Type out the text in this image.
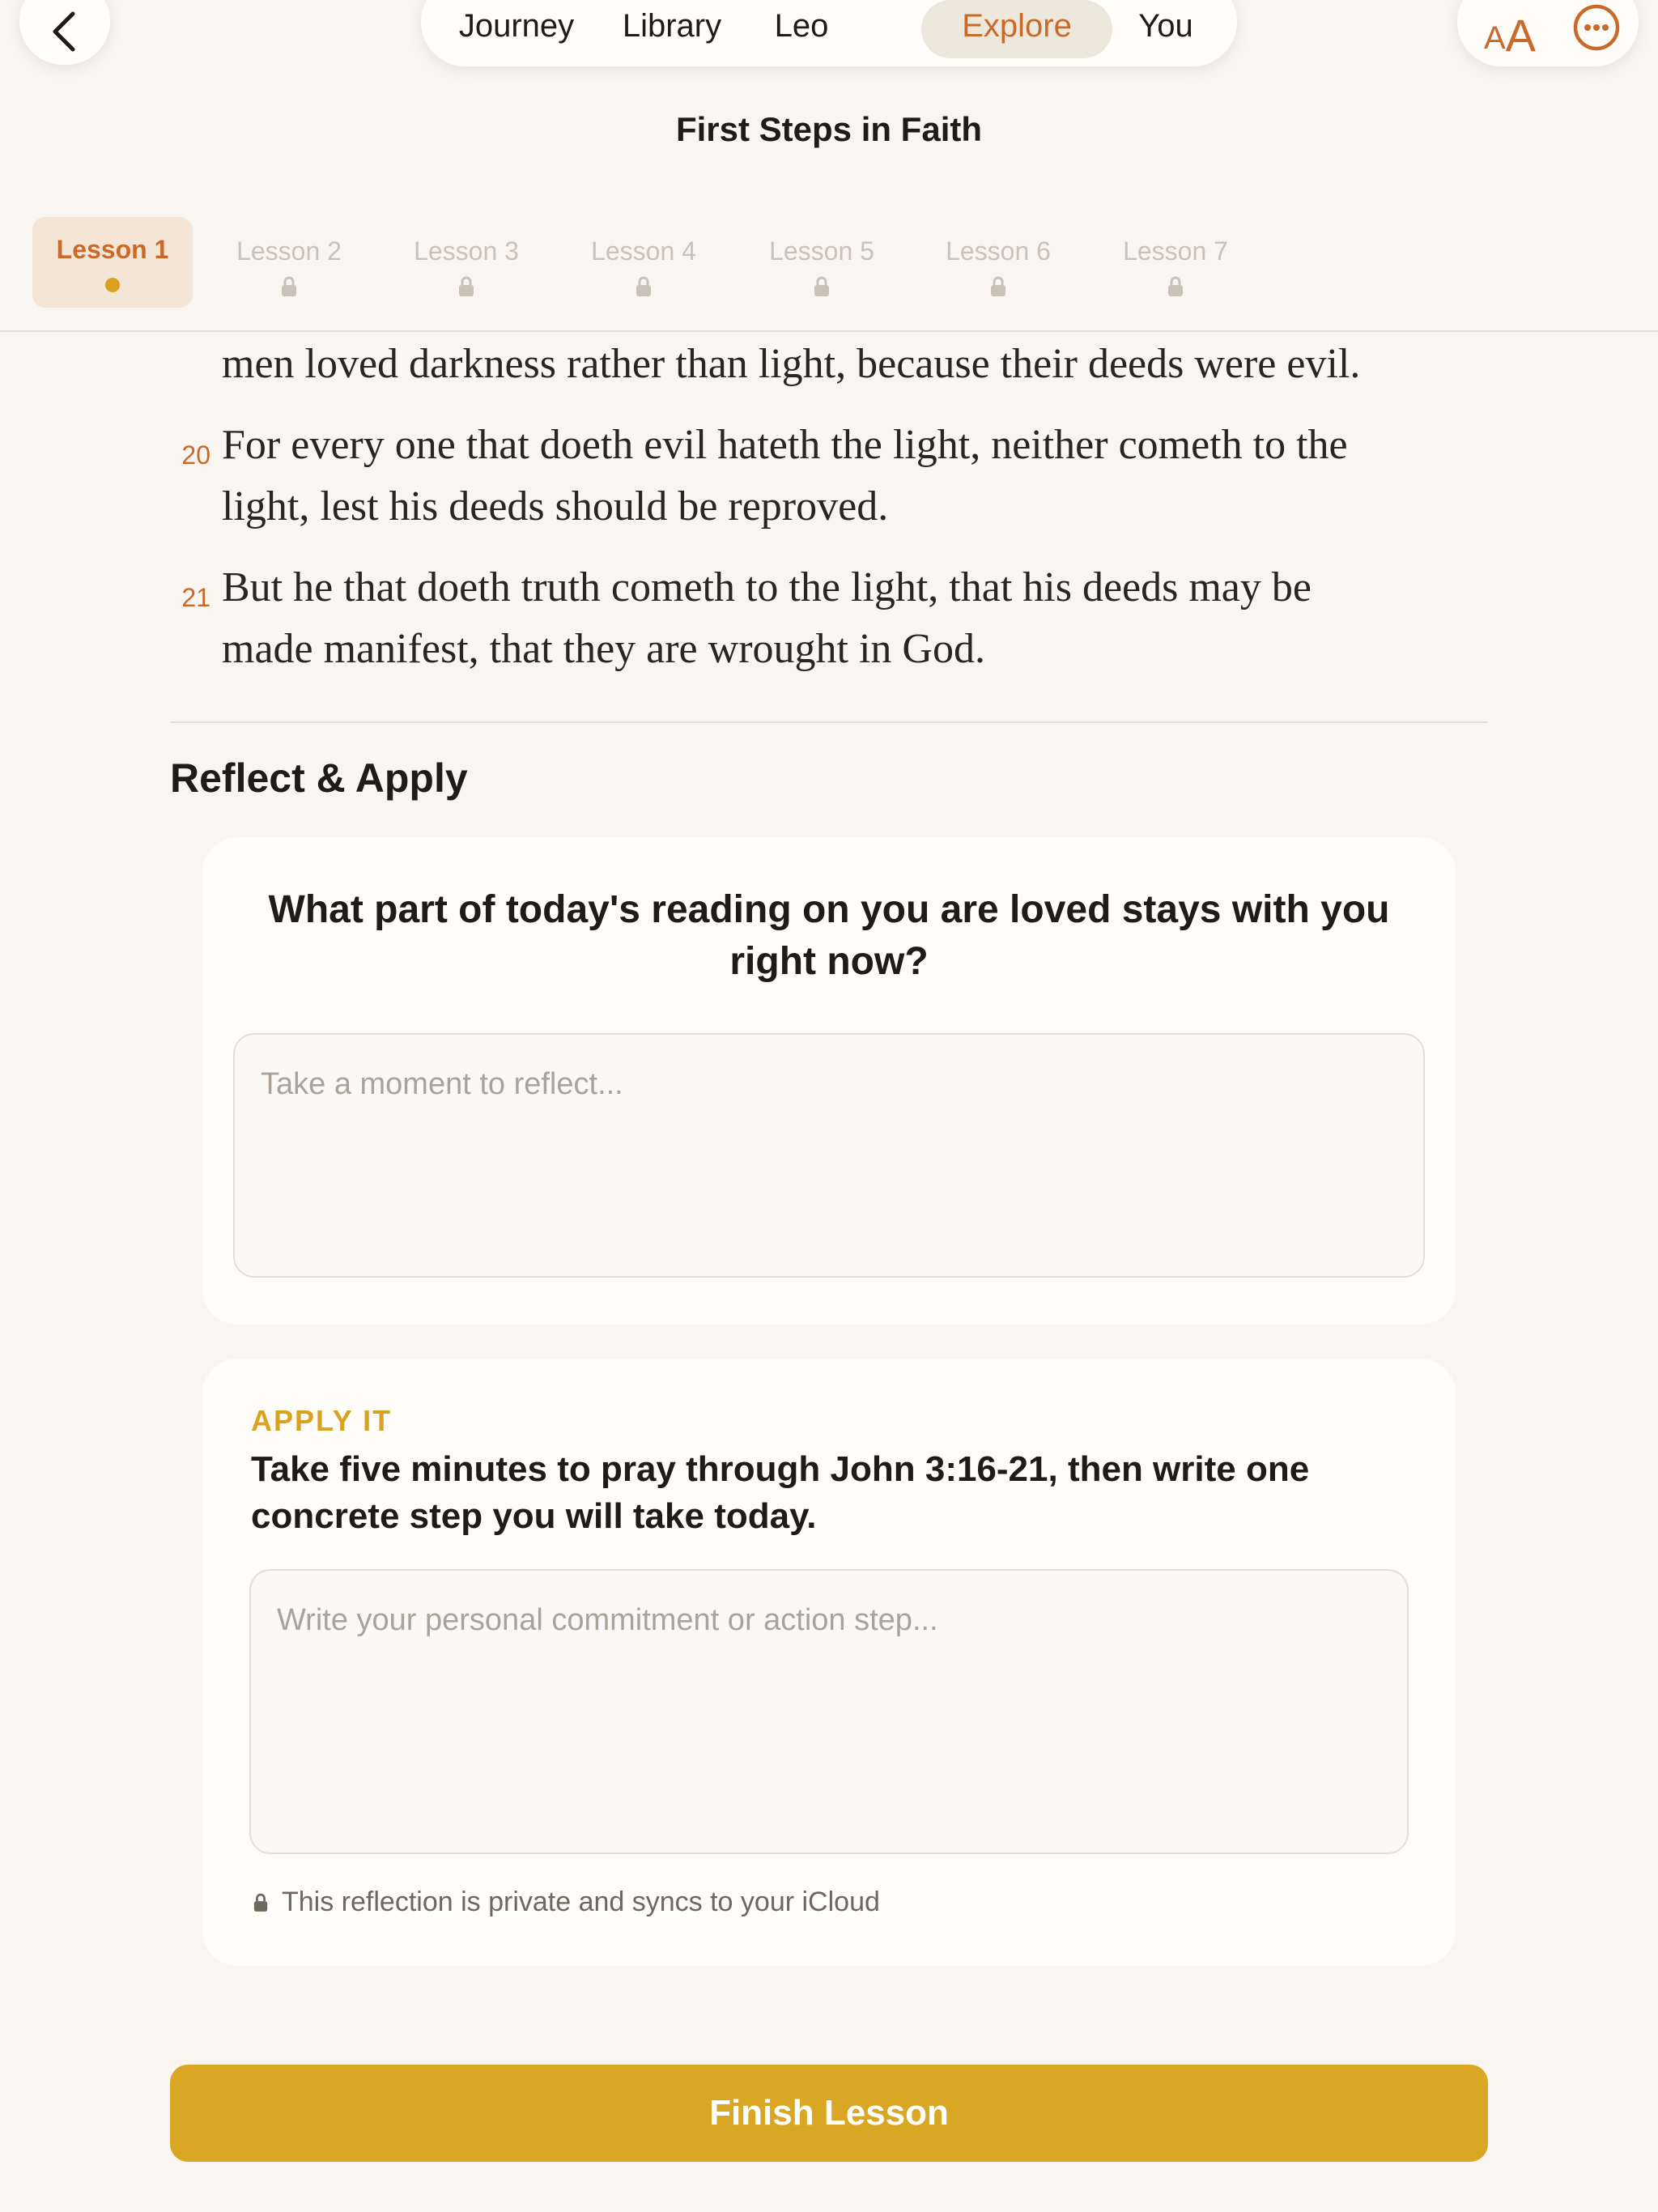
Journey	Library	Leo	Explore	You	A A
First Steps in Faith
Lesson 1	Lesson 2	Lesson 3	Lesson 4	Lesson 5	Lesson 6	Lesson 7
men loved darkness rather than light, because their deeds were evil.
20 For every one that doeth evil hateth the light, neither cometh to the
light, lest his deeds should be reproved.
21 But he that doeth truth cometh to the light, that his deeds may be
made manifest, that they are wrought in God.
Reflect & Apply
What part of today's reading on you are loved stays with you right now?
Take a moment to reflect...
APPLY IT
Take five minutes to pray through John 3:16-21, then write one concrete step you will take today.
Write your personal commitment or action step...
This reflection is private and syncs to your iCloud
Finish Lesson
